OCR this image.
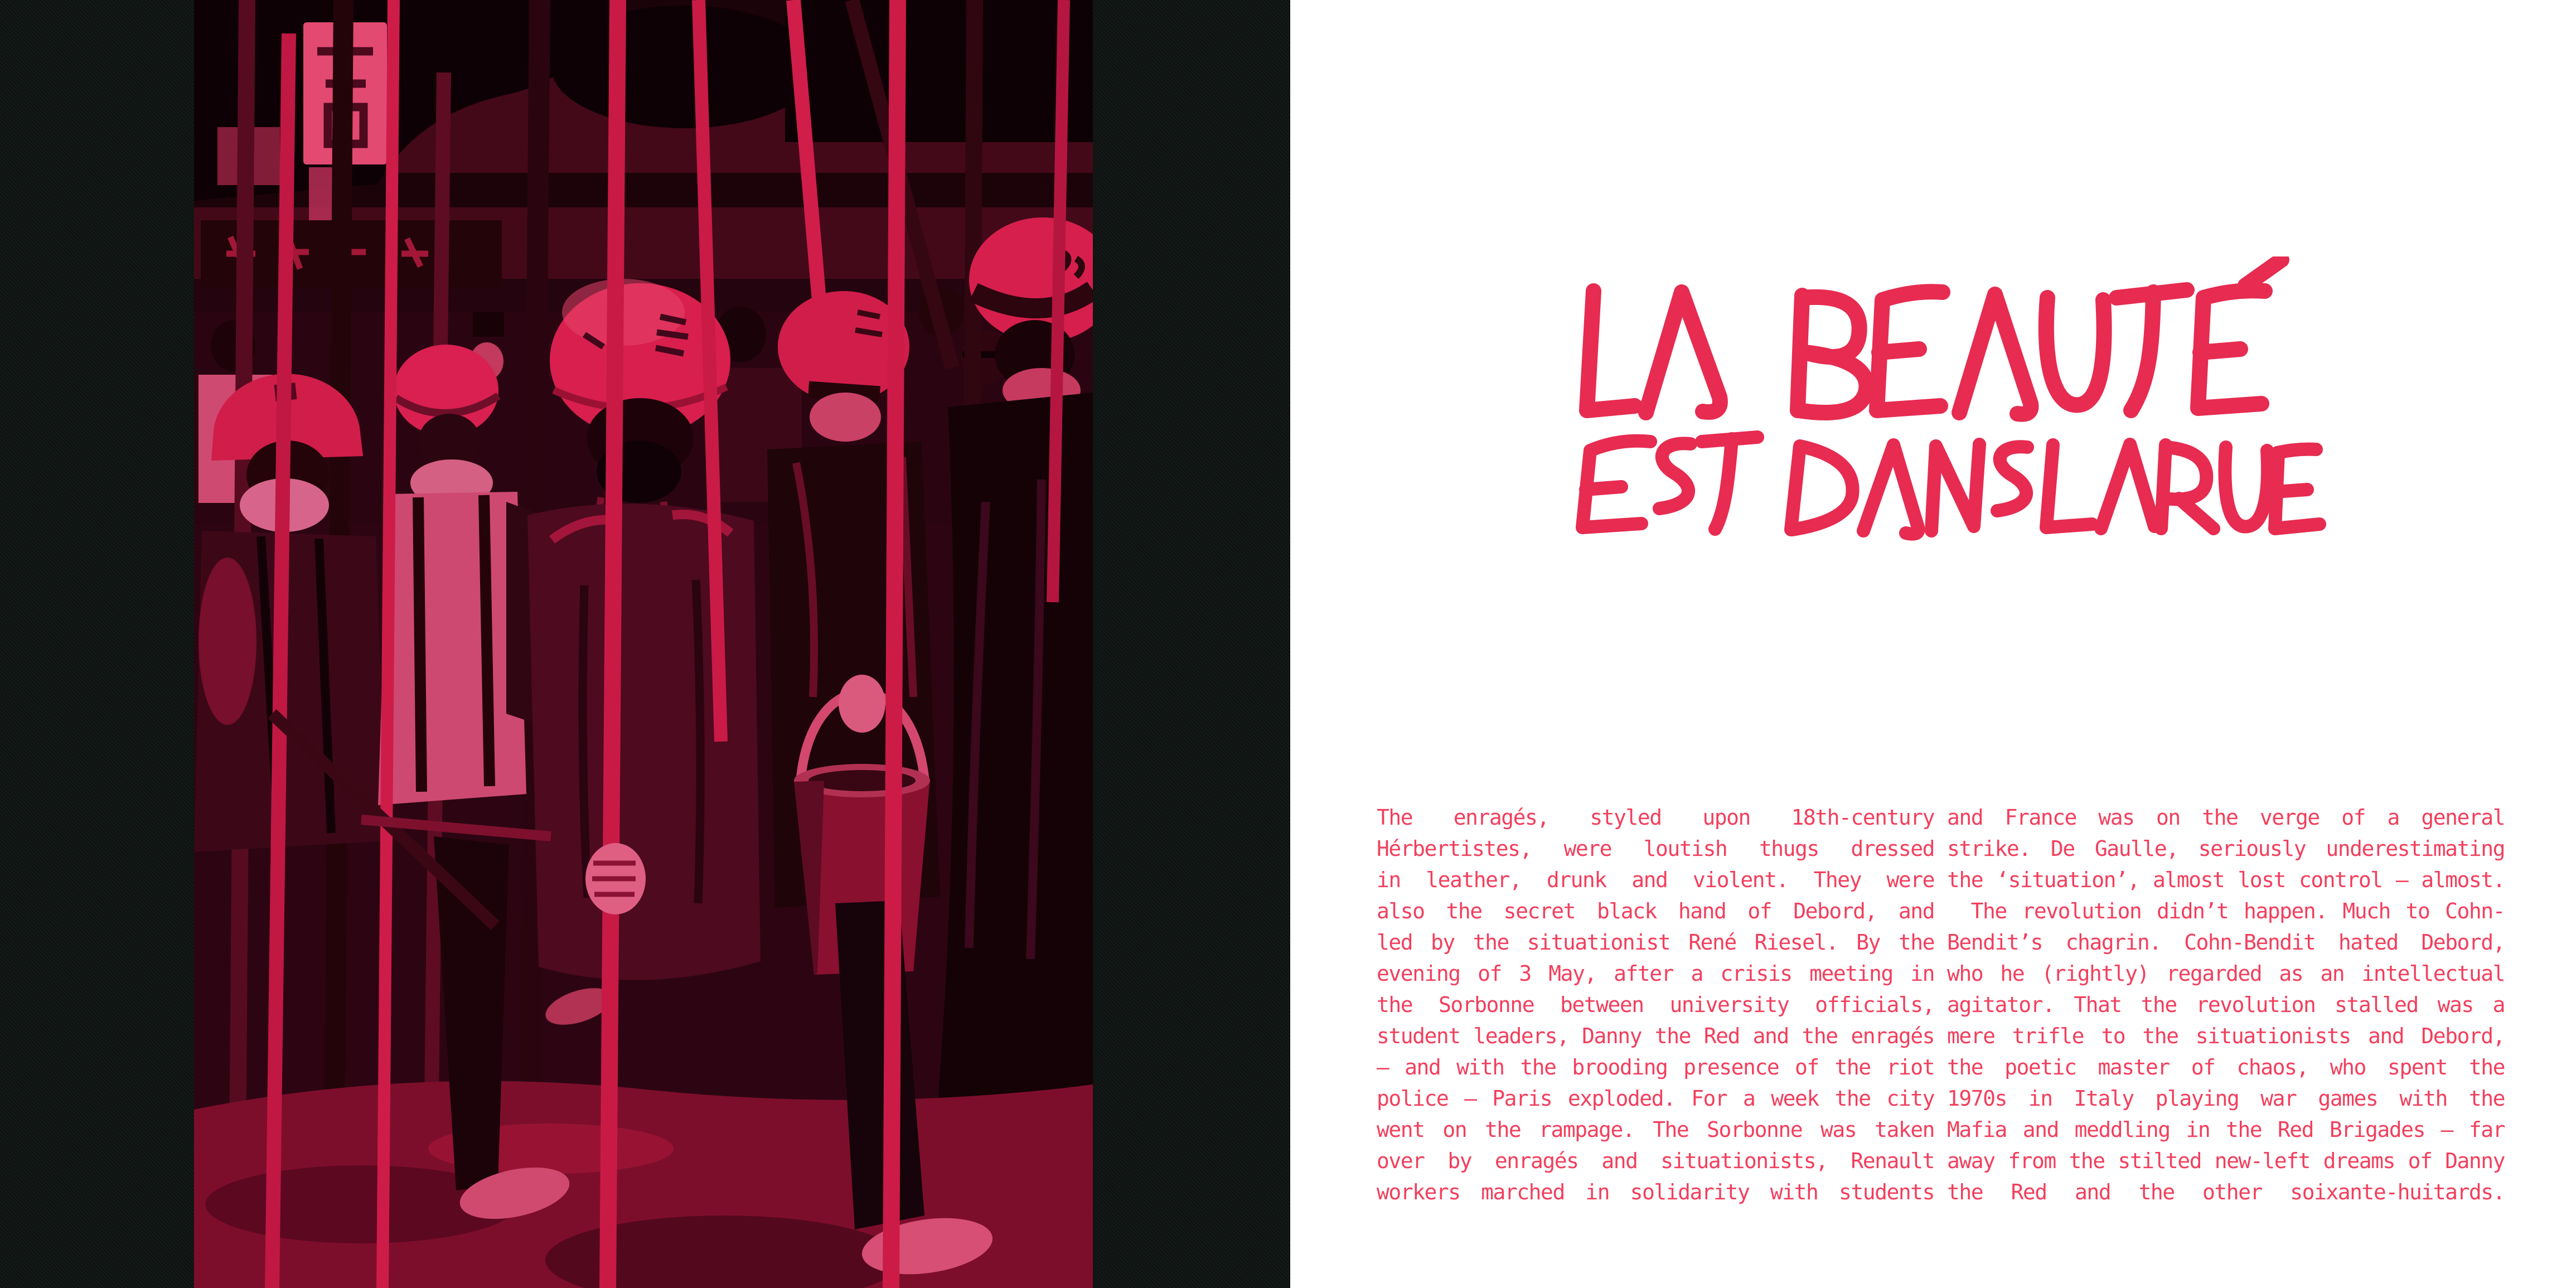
The enragés, styled upon 18th-century
Hérbertistes, were loutish thugs dressed
in leather, drunk and violent. They were
also the secret black hand of Debord, and
led by the situationist René Riesel. By the
evening of 3 May, after a crisis meeting in
the Sorbonne between university officials,
student leaders, Danny the Red and the enragés
— and with the brooding presence of the riot
police — Paris exploded. For a week the city
went on the rampage. The Sorbonne was taken
over by enragés and situationists, Renault
workers marched in solidarity with students
and France was on the verge of a general
strike. De Gaulle, seriously underestimating
the ‘situation’, almost lost control — almost.
The revolution didn’t happen. Much to Cohn-
Bendit’s chagrin. Cohn-Bendit hated Debord,
who he (rightly) regarded as an intellectual
agitator. That the revolution stalled was a
mere trifle to the situationists and Debord,
the poetic master of chaos, who spent the
1970s in Italy playing war games with the
Mafia and meddling in the Red Brigades — far
away from the stilted new-left dreams of Danny
the Red and the other soixante-huitards.
